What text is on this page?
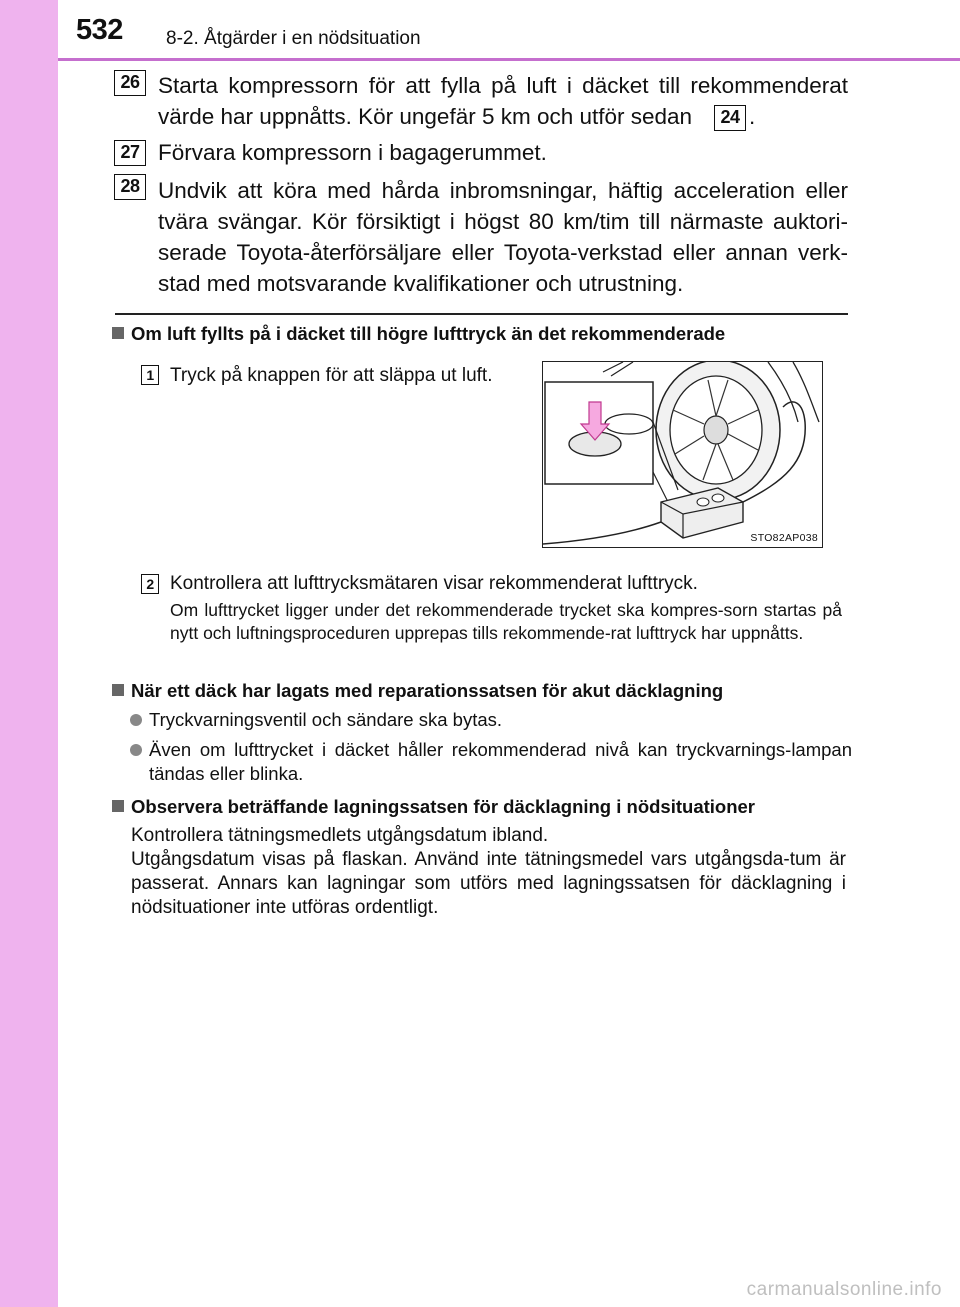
532 8-2. Åtgärder i en nödsituation
26 Starta kompressorn för att fylla på luft i däcket till rekommenderat värde har uppnåtts. Kör ungefär 5 km och utför sedan	24 .
27 Förvara kompressorn i bagagerummet.
28 Undvik att köra med hårda inbromsningar, häftig acceleration eller tvära svängar. Kör försiktigt i högst 80 km/tim till närmaste auktori-serade Toyota-återförsäljare eller Toyota-verkstad eller annan verk-stad med motsvarande kvalifikationer och utrustning.
Om luft fyllts på i däcket till högre lufttryck än det rekommenderade
1 Tryck på knappen för att släppa ut luft.
STO82AP038
2 Kontrollera att lufttrycksmätaren visar rekommenderat lufttryck.
Om lufttrycket ligger under det rekommenderade trycket ska kompres-sorn startas på nytt och luftningsproceduren upprepas tills rekommende-rat lufttryck har uppnåtts.
När ett däck har lagats med reparationssatsen för akut däcklagning
Tryckvarningsventil och sändare ska bytas.
Även om lufttrycket i däcket håller rekommenderad nivå kan tryckvarnings-lampan tändas eller blinka.
Observera beträffande lagningssatsen för däcklagning i nödsituationer
Kontrollera tätningsmedlets utgångsdatum ibland.
Utgångsdatum visas på flaskan. Använd inte tätningsmedel vars utgångsda-tum är passerat. Annars kan lagningar som utförs med lagningssatsen för däcklagning i nödsituationer inte utföras ordentligt.
carmanualsonline.info
